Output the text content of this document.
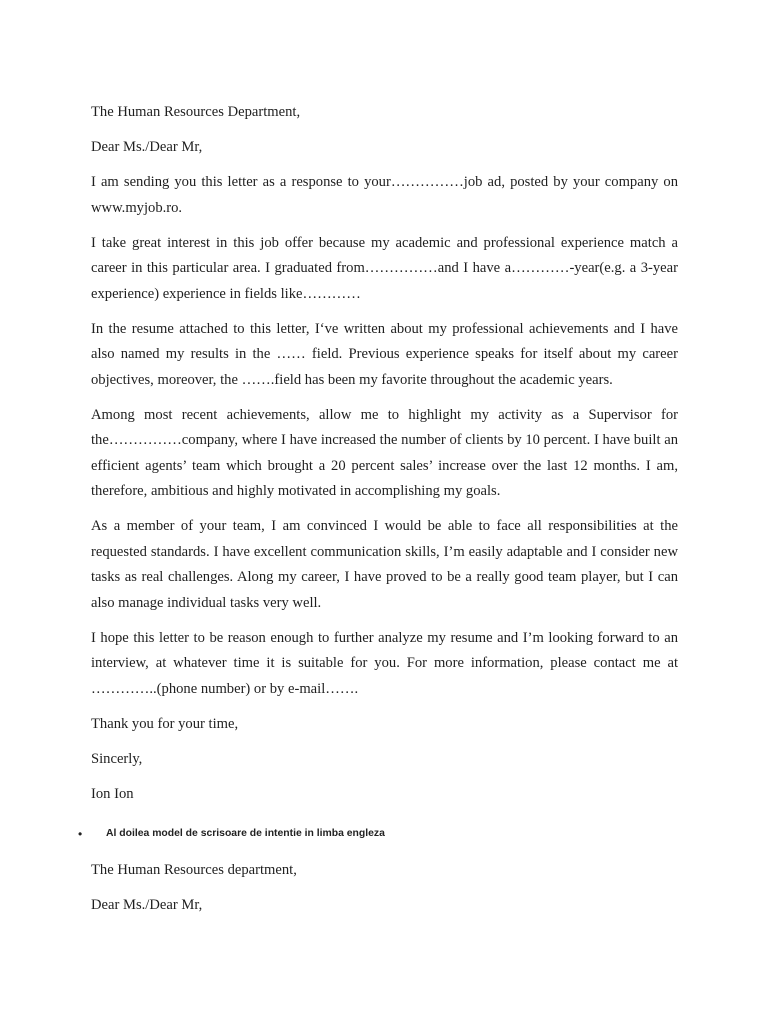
The Human Resources Department,

Dear Ms./Dear Mr,

I am sending you this letter as a response to your……………job ad, posted by your company on www.myjob.ro.

I take great interest in this job offer because my academic and professional experience match a career in this particular area. I graduated from……………and I have a…………-year(e.g. a 3-year experience) experience in fields like…………

In the resume attached to this letter, I‘ve written about my professional achievements and I have also named my results in the …… field. Previous experience speaks for itself about my career objectives, moreover, the …….field has been my favorite throughout the academic years.

Among most recent achievements, allow me to highlight my activity as a Supervisor for the……………company, where I have increased the number of clients by 10 percent. I have built an efficient agents’ team which brought a 20 percent sales’ increase over the last 12 months. I am, therefore, ambitious and highly motivated in accomplishing my goals.

As a member of your team, I am convinced I would be able to face all responsibilities at the requested standards. I have excellent communication skills, I’m easily adaptable and I consider new tasks as real challenges. Along my career, I have proved to be a really good team player, but I can also manage individual tasks very well.

I hope this letter to be reason enough to further analyze my resume and I’m looking forward to an interview, at whatever time it is suitable for you. For more information, please contact me at …………..(phone number) or by e-mail…….

Thank you for your time,

Sincerly,

Ion Ion

•	Al doilea model de scrisoare de intentie in limba engleza

The Human Resources department,

Dear Ms./Dear Mr,
